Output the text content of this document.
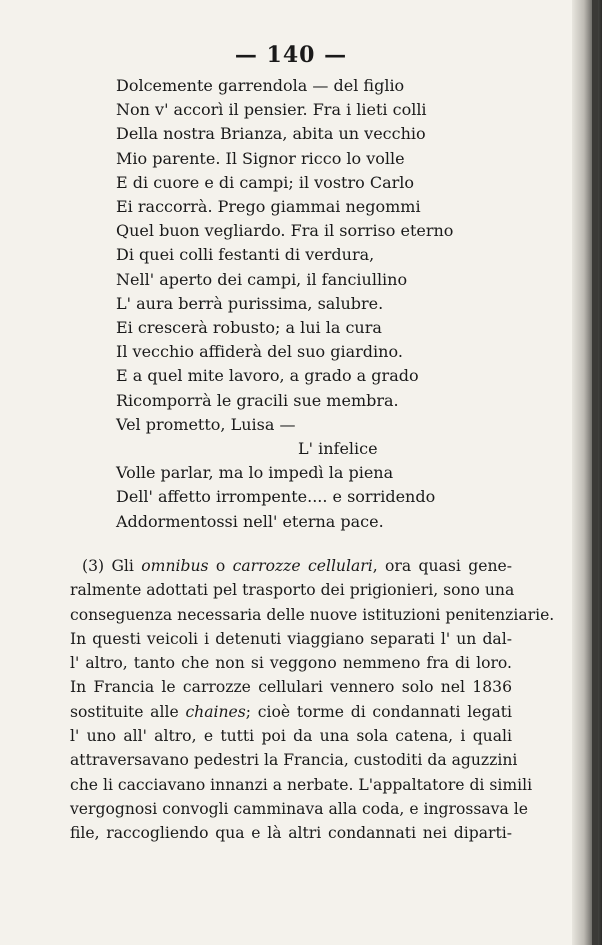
— 140 —
Dolcemente garrendola — del figlio
Non v' accorì il pensier. Fra i lieti colli
Della nostra Brianza, abita un vecchio
Mio parente. Il Signor ricco lo volle
E di cuore e di campi; il vostro Carlo
Ei raccorrà. Prego giammai negommi
Quel buon vegliardo. Fra il sorriso eterno
Di quei colli festanti di verdura,
Nell' aperto dei campi, il fanciullino
L' aura berrà purissima, salubre.
Ei crescerà robusto; a lui la cura
Il vecchio affiderà del suo giardino.
E a quel mite lavoro, a grado a grado
Ricomporrà le gracili sue membra.
Vel prometto, Luisa —
L' infelice
Volle parlar, ma lo impedì la piena
Dell' affetto irrompente.... e sorridendo
Addormentossi nell' eterna pace.
(3) Gli omnibus o carrozze cellulari, ora quasi gene-
ralmente adottati pel trasporto dei prigionieri, sono una
conseguenza necessaria delle nuove istituzioni penitenziarie.
In questi veicoli i detenuti viaggiano separati l' un dal-
l' altro, tanto che non si veggono nemmeno fra di loro.
In Francia le carrozze cellulari vennero solo nel 1836
sostituite alle chaines; cioè torme di condannati legati
l' uno all' altro, e tutti poi da una sola catena, i quali
attraversavano pedestri la Francia, custoditi da aguzzini
che li cacciavano innanzi a nerbate. L'appaltatore di simili
vergognosi convogli camminava alla coda, e ingrossava le
file, raccogliendo qua e là altri condannati nei diparti-
